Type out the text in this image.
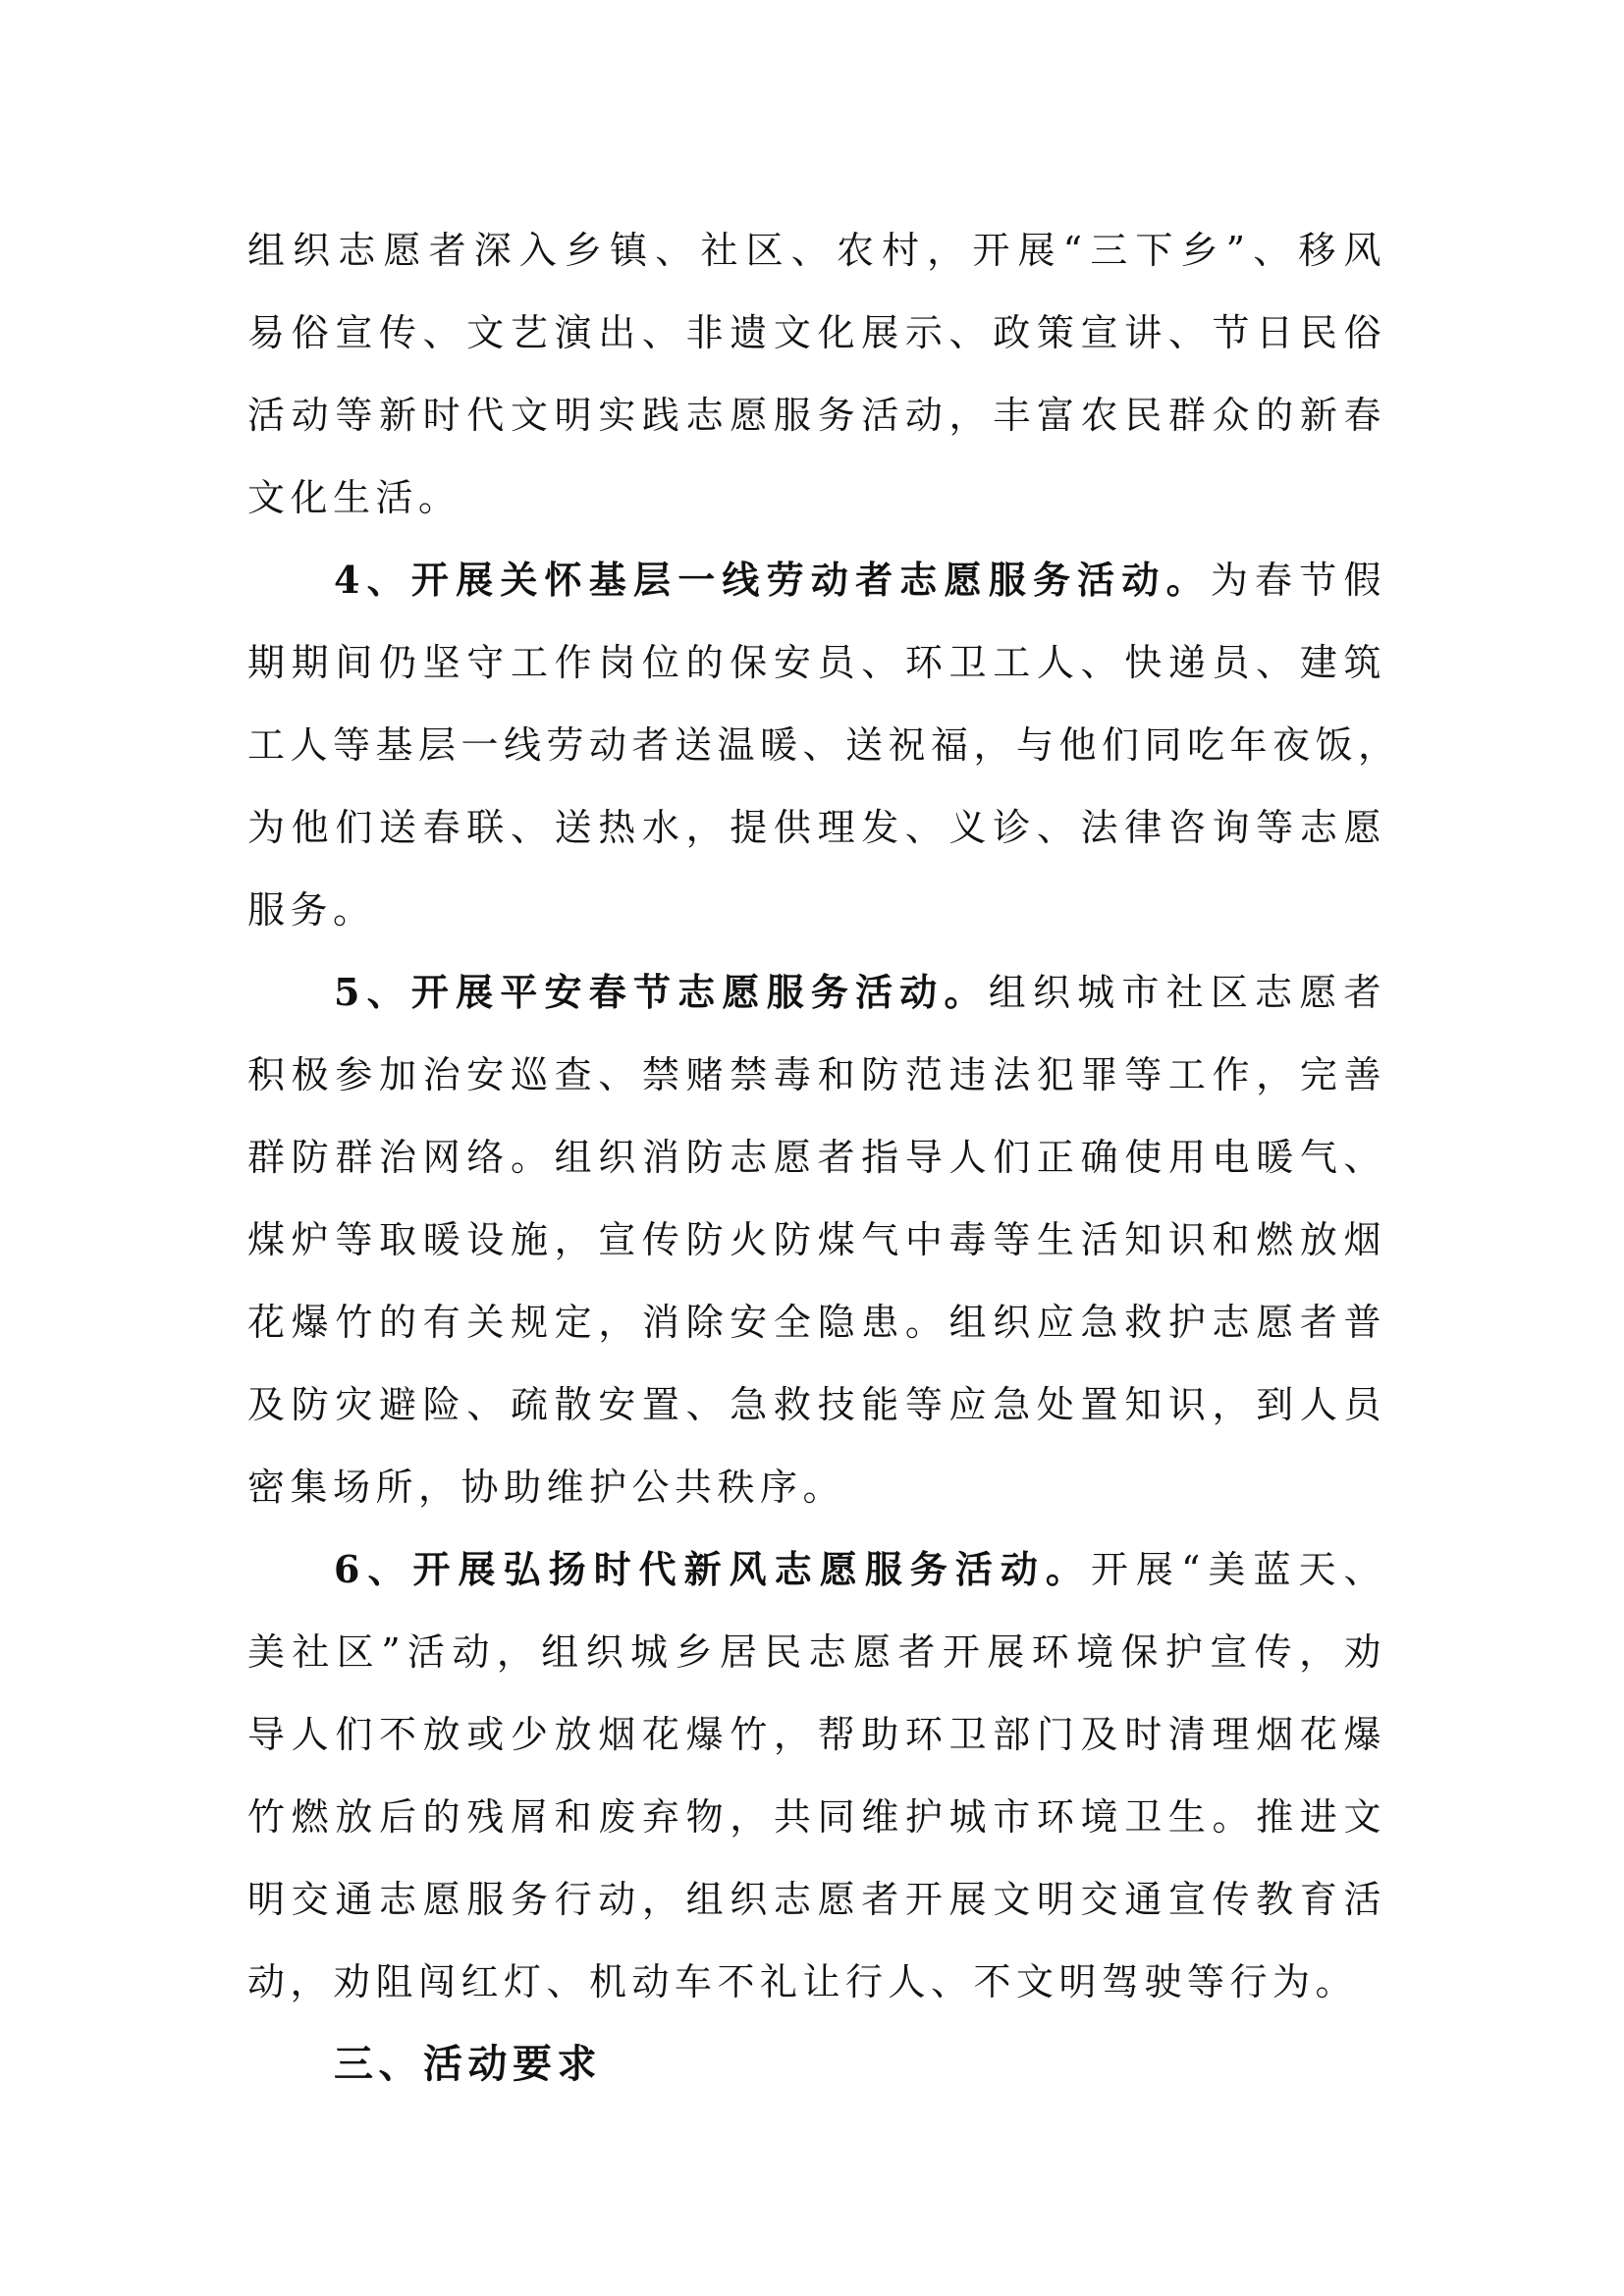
组织志愿者深入乡镇、社区、农村，开展“三下乡”、移风
易俗宣传、文艺演出、非遗文化展示、政策宣讲、节日民俗
活动等新时代文明实践志愿服务活动，丰富农民群众的新春
文化生活。
4、开展关怀基层一线劳动者志愿服务活动。为春节假
期期间仍坚守工作岗位的保安员、环卫工人、快递员、建筑
工人等基层一线劳动者送温暖、送祝福，与他们同吃年夜饭，
为他们送春联、送热水，提供理发、义诊、法律咨询等志愿
服务。
5、开展平安春节志愿服务活动。组织城市社区志愿者
积极参加治安巡查、禁赌禁毒和防范违法犯罪等工作，完善
群防群治网络。组织消防志愿者指导人们正确使用电暖气、
煤炉等取暖设施，宣传防火防煤气中毒等生活知识和燃放烟
花爆竹的有关规定，消除安全隐患。组织应急救护志愿者普
及防灾避险、疏散安置、急救技能等应急处置知识，到人员
密集场所，协助维护公共秩序。
6、开展弘扬时代新风志愿服务活动。开展“美蓝天、
美社区”活动，组织城乡居民志愿者开展环境保护宣传，劝
导人们不放或少放烟花爆竹，帮助环卫部门及时清理烟花爆
竹燃放后的残屑和废弃物，共同维护城市环境卫生。推进文
明交通志愿服务行动，组织志愿者开展文明交通宣传教育活
动，劝阻闯红灯、机动车不礼让行人、不文明驾驶等行为。
三、活动要求
